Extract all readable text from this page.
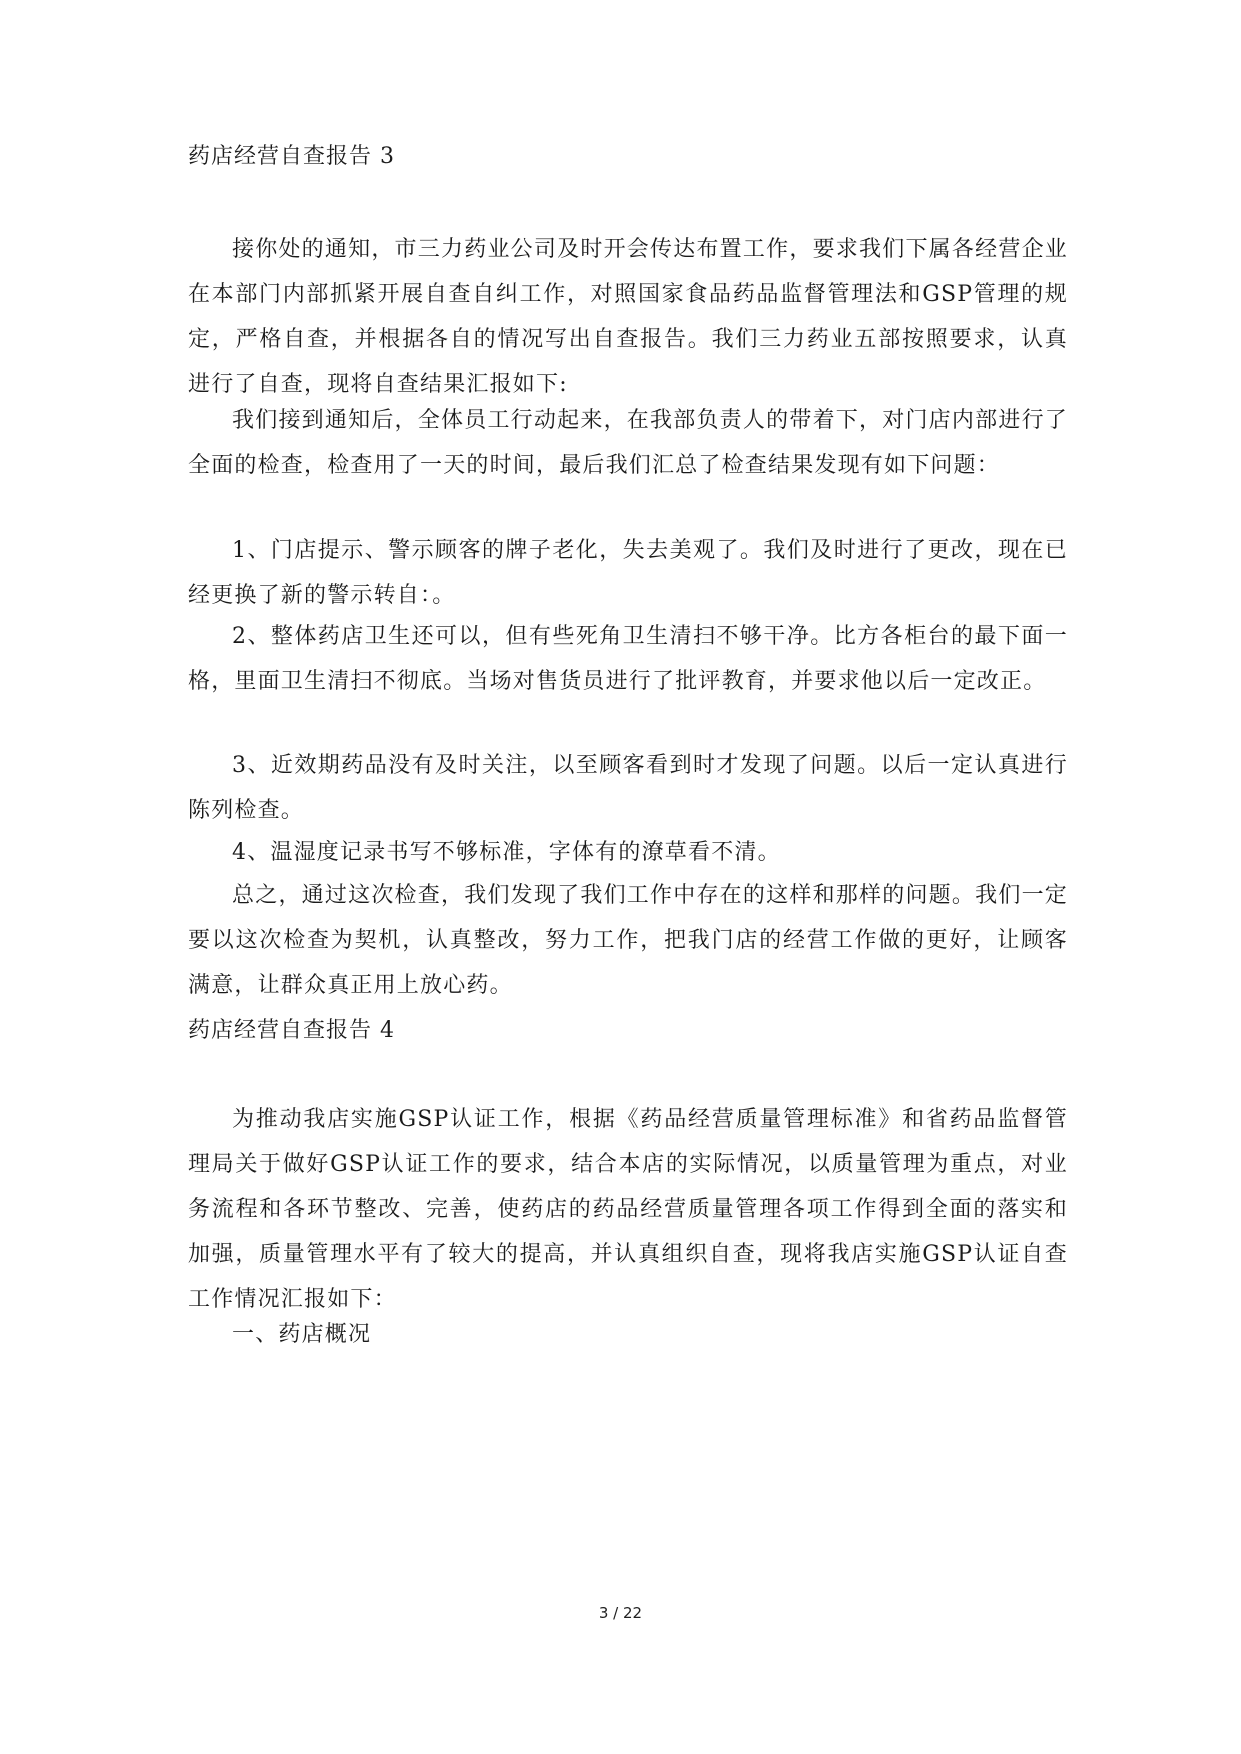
药店经营自查报告 3

接你处的通知，市三力药业公司及时开会传达布置工作，要求我们下属各经营企业在本部门内部抓紧开展自查自纠工作，对照国家食品药品监督管理法和GSP管理的规定，严格自查，并根据各自的情况写出自查报告。我们三力药业五部按照要求，认真进行了自查，现将自查结果汇报如下:

我们接到通知后，全体员工行动起来，在我部负责人的带着下，对门店内部进行了全面的检查，检查用了一天的时间，最后我们汇总了检查结果发现有如下问题：

1、门店提示、警示顾客的牌子老化，失去美观了。我们及时进行了更改，现在已经更换了新的警示转自：。

2、整体药店卫生还可以，但有些死角卫生清扫不够干净。比方各柜台的最下面一格，里面卫生清扫不彻底。当场对售货员进行了批评教育，并要求他以后一定改正。

3、近效期药品没有及时关注，以至顾客看到时才发现了问题。以后一定认真进行陈列检查。

4、温湿度记录书写不够标准，字体有的潦草看不清。

总之，通过这次检查，我们发现了我们工作中存在的这样和那样的问题。我们一定要以这次检查为契机，认真整改，努力工作，把我门店的经营工作做的更好，让顾客满意，让群众真正用上放心药。

药店经营自查报告 4

为推动我店实施GSP认证工作，根据《药品经营质量管理标准》和省药品监督管理局关于做好GSP认证工作的要求，结合本店的实际情况，以质量管理为重点，对业务流程和各环节整改、完善，使药店的药品经营质量管理各项工作得到全面的落实和加强，质量管理水平有了较大的提高，并认真组织自查，现将我店实施GSP认证自查工作情况汇报如下：

一、药店概况

3 / 22
